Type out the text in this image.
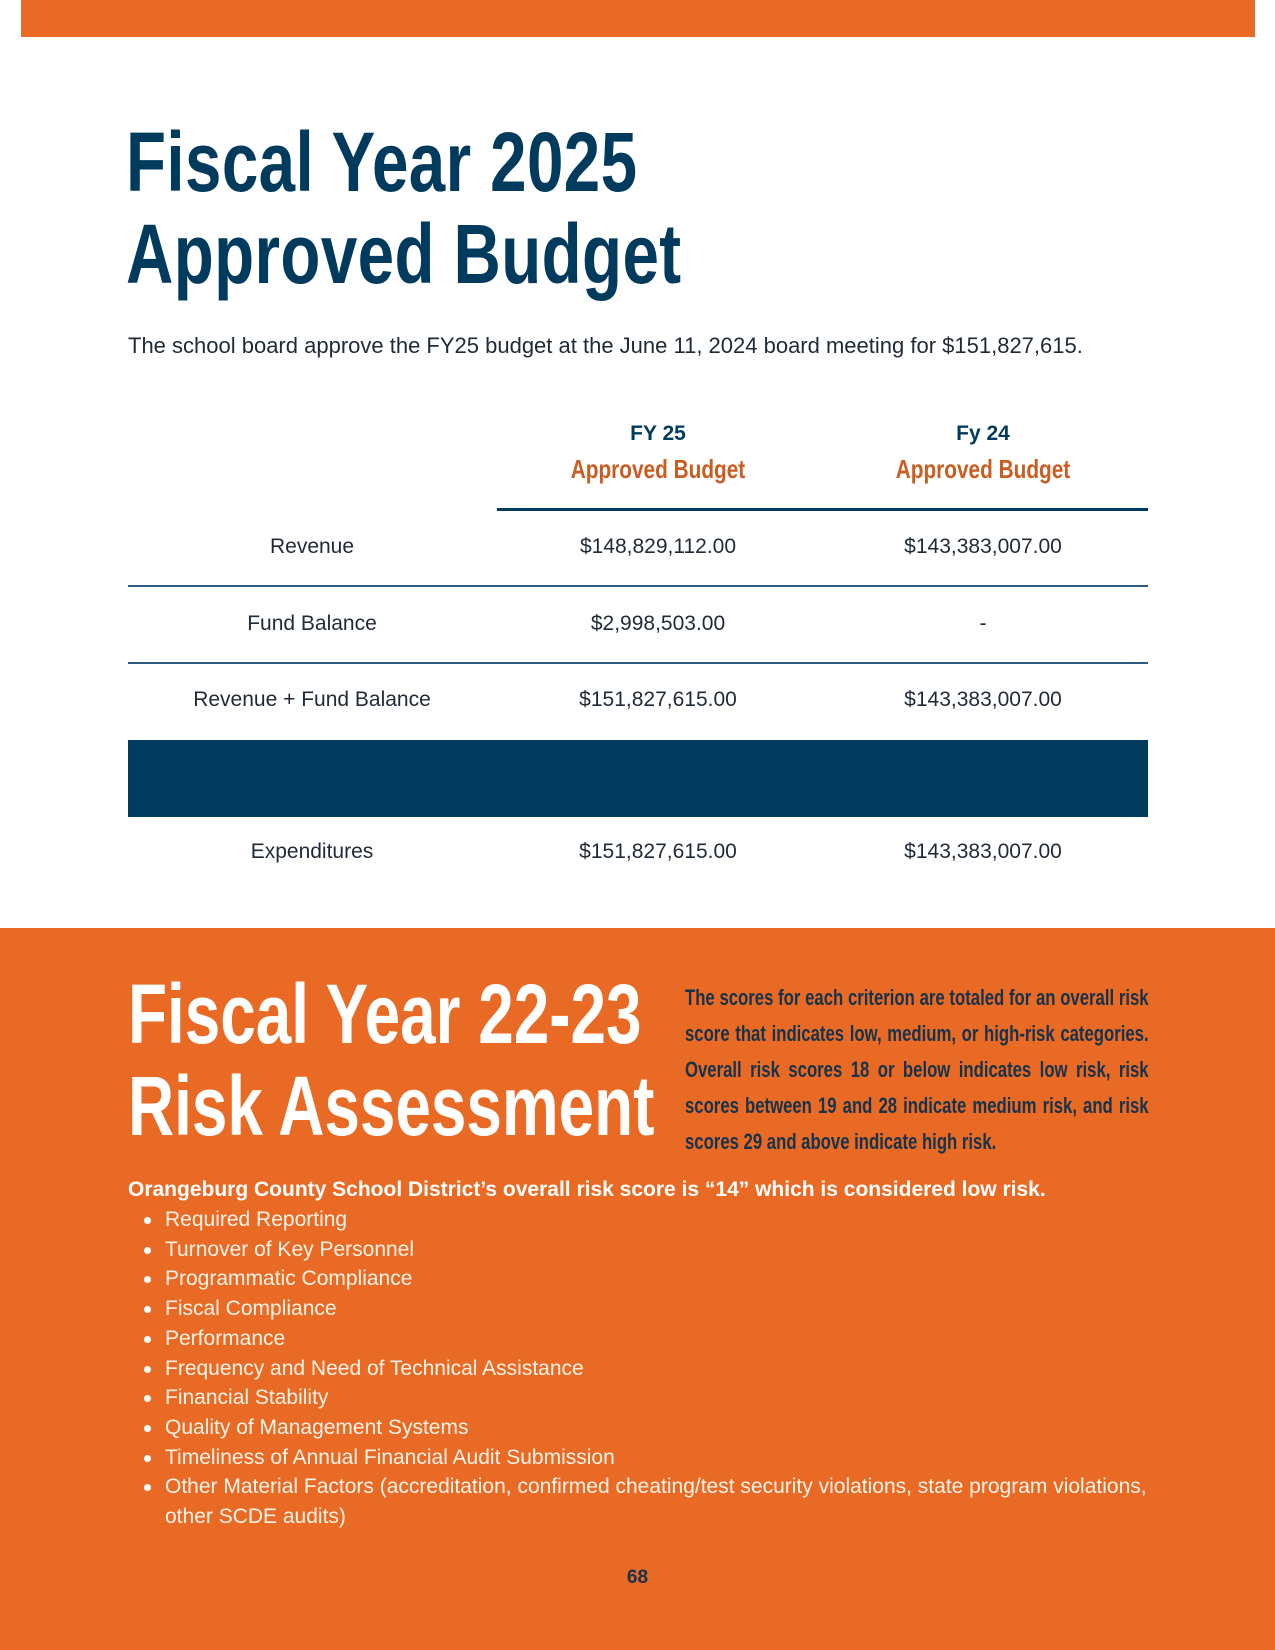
Fiscal Year 2025
Approved Budget

The school board approve the FY25 budget at the June 11, 2024 board meeting for $151,827,615.

FY 25
Approved Budget
Fy 24
Approved Budget
Revenue	$148,829,112.00	$143,383,007.00
Fund Balance	$2,998,503.00	-
Revenue + Fund Balance	$151,827,615.00	$143,383,007.00
Expenditures	$151,827,615.00	$143,383,007.00
Fiscal Year 22-23
Risk Assessment

The scores for each criterion are totaled for an overall risk score that indicates low, medium, or high-risk categories. Overall risk scores 18 or below indicates low risk, risk scores between 19 and 28 indicate medium risk, and risk scores 29 and above indicate high risk.

Orangeburg County School District’s overall risk score is “14” which is considered low risk.

Required Reporting
Turnover of Key Personnel
Programmatic Compliance
Fiscal Compliance
Performance
Frequency and Need of Technical Assistance
Financial Stability
Quality of Management Systems
Timeliness of Annual Financial Audit Submission
Other Material Factors (accreditation, confirmed cheating/test security violations, state program violations, other SCDE audits)
68
